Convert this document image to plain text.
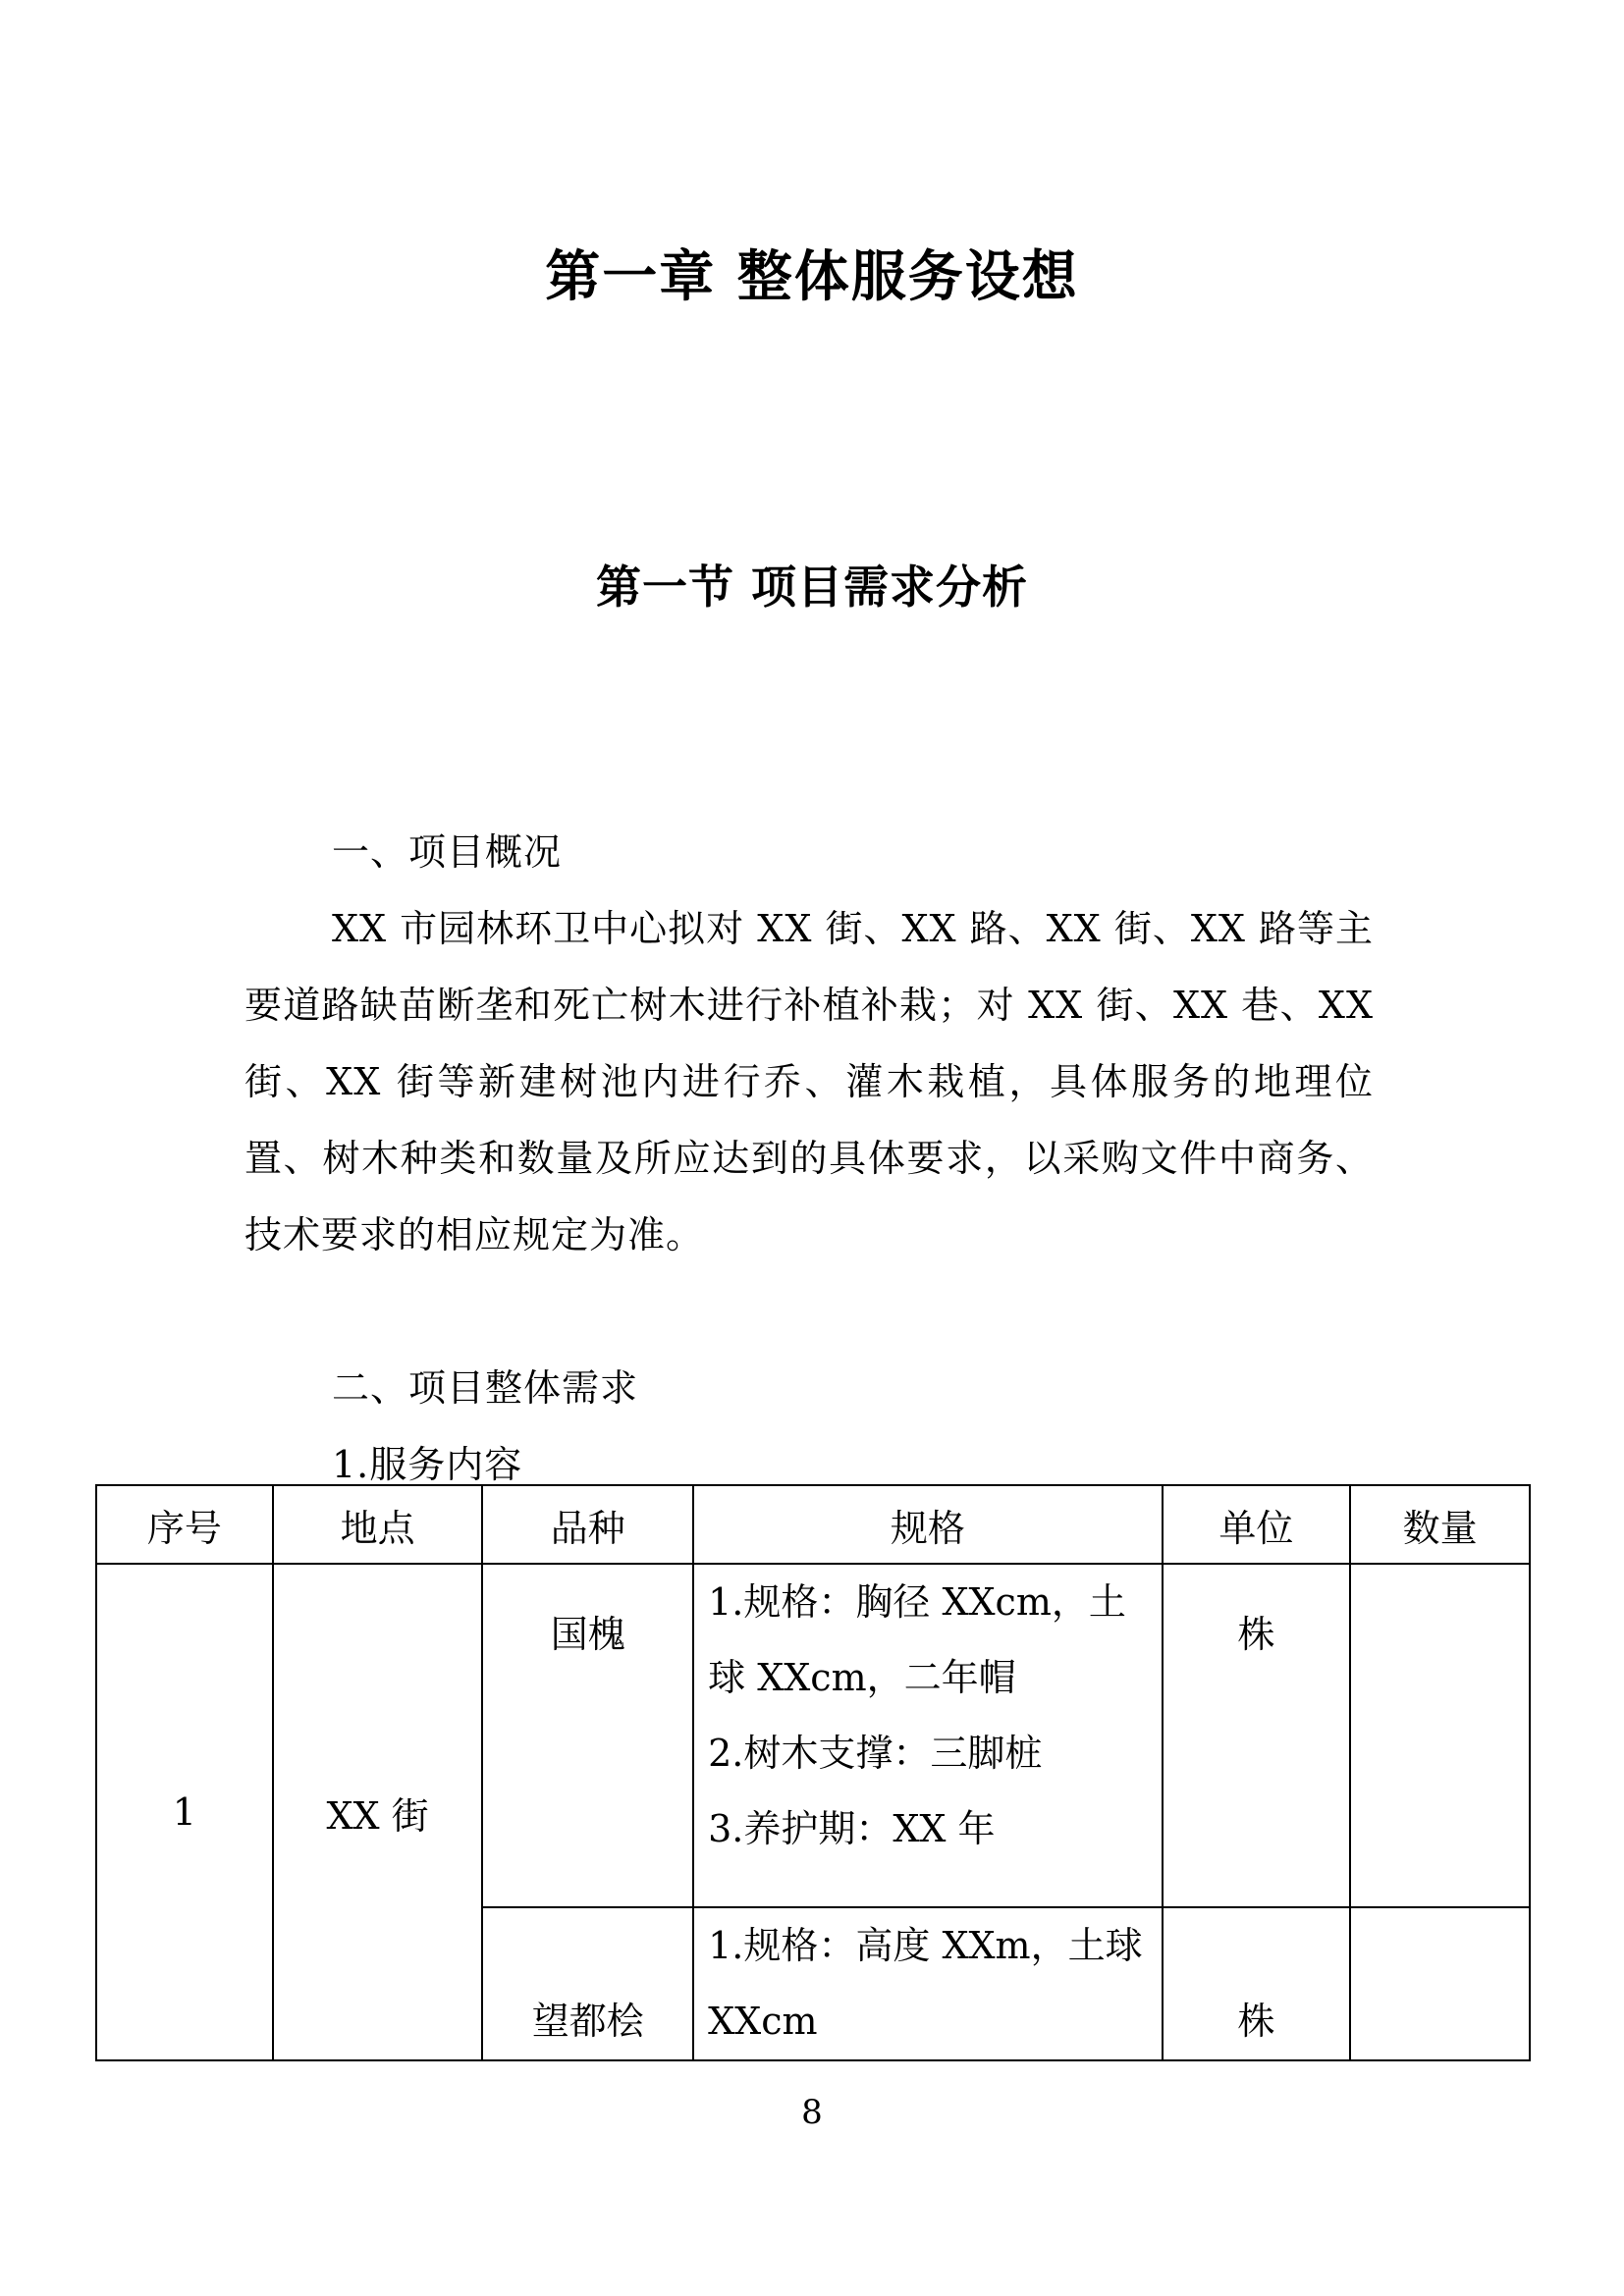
第一章 整体服务设想
第一节 项目需求分析
一、项目概况
XX 市园林环卫中心拟对 XX 街、XX 路、XX 街、XX 路等主要道路缺苗断垄和死亡树木进行补植补栽；对 XX 街、XX 巷、XX 街、XX 街等新建树池内进行乔、灌木栽植，具体服务的地理位置、树木种类和数量及所应达到的具体要求，以采购文件中商务、技术要求的相应规定为准。
二、项目整体需求
1.服务内容
序号	地点	品种	规格	单位	数量
1	XX 街	国槐	1.规格：胸径 XXcm，土球 XXcm，二年帽
2.树木支撑：三脚桩
3.养护期：XX 年	株	
		望都桧	1.规格：高度 XXm，土球 XXcm	株	
8
